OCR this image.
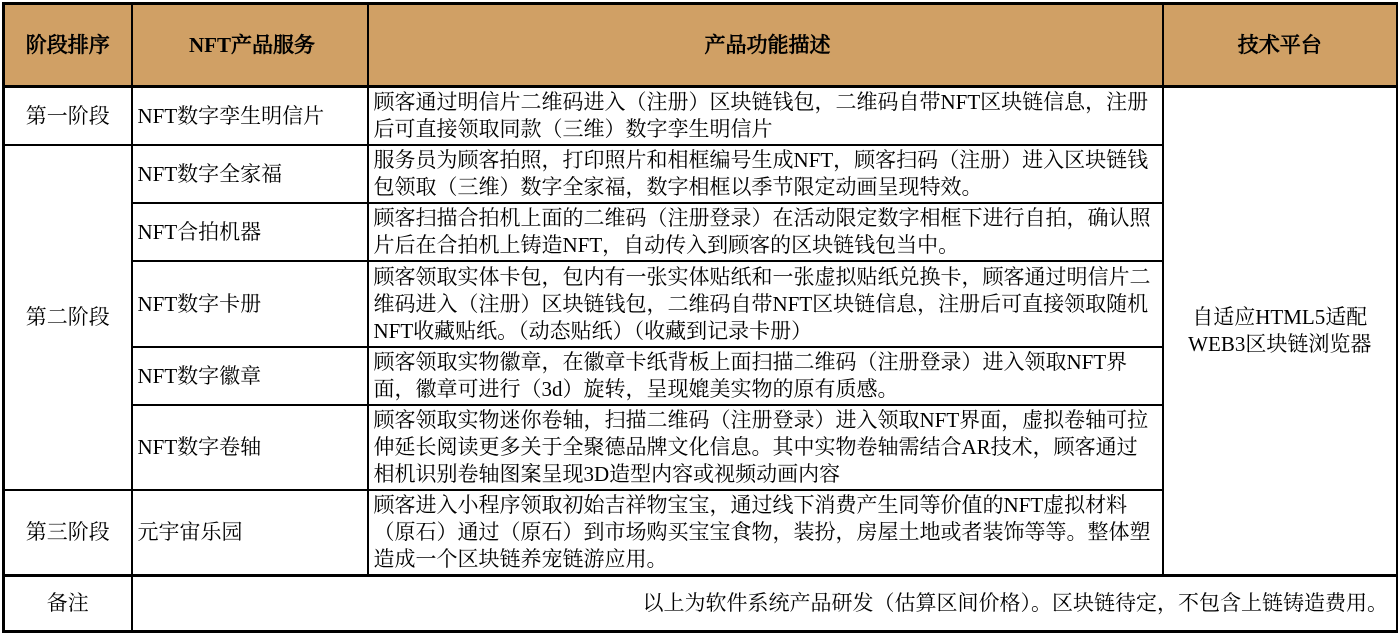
阶段排序	NFT产品服务	产品功能描述	技术平台
第一阶段	NFT数字孪生明信片	顾客通过明信片二维码进入（注册）区块链钱包，二维码自带NFT区块链信息，注册后可直接领取同款（三维）数字孪生明信片	自适应HTML5适配WEB3区块链浏览器
第二阶段	NFT数字全家福	服务员为顾客拍照，打印照片和相框编号生成NFT，顾客扫码（注册）进入区块链钱包领取（三维）数字全家福，数字相框以季节限定动画呈现特效。	
	NFT合拍机器	顾客扫描合拍机上面的二维码（注册登录）在活动限定数字相框下进行自拍，确认照片后在合拍机上铸造NFT，自动传入到顾客的区块链钱包当中。	
	NFT数字卡册	顾客领取实体卡包，包内有一张实体贴纸和一张虚拟贴纸兑换卡，顾客通过明信片二维码进入（注册）区块链钱包，二维码自带NFT区块链信息，注册后可直接领取随机NFT收藏贴纸。（动态贴纸）（收藏到记录卡册）	
	NFT数字徽章	顾客领取实物徽章，在徽章卡纸背板上面扫描二维码（注册登录）进入领取NFT界面，徽章可进行（3d）旋转，呈现媲美实物的原有质感。	
	NFT数字卷轴	顾客领取实物迷你卷轴，扫描二维码（注册登录）进入领取NFT界面，虚拟卷轴可拉伸延长阅读更多关于全聚德品牌文化信息。其中实物卷轴需结合AR技术，顾客通过相机识别卷轴图案呈现3D造型内容或视频动画内容	
第三阶段	元宇宙乐园	顾客进入小程序领取初始吉祥物宝宝，通过线下消费产生同等价值的NFT虚拟材料（原石）通过（原石）到市场购买宝宝食物，装扮，房屋土地或者装饰等等。整体塑造成一个区块链养宠链游应用。	
备注	以上为软件系统产品研发（估算区间价格）。区块链待定，不包含上链铸造费用。		
